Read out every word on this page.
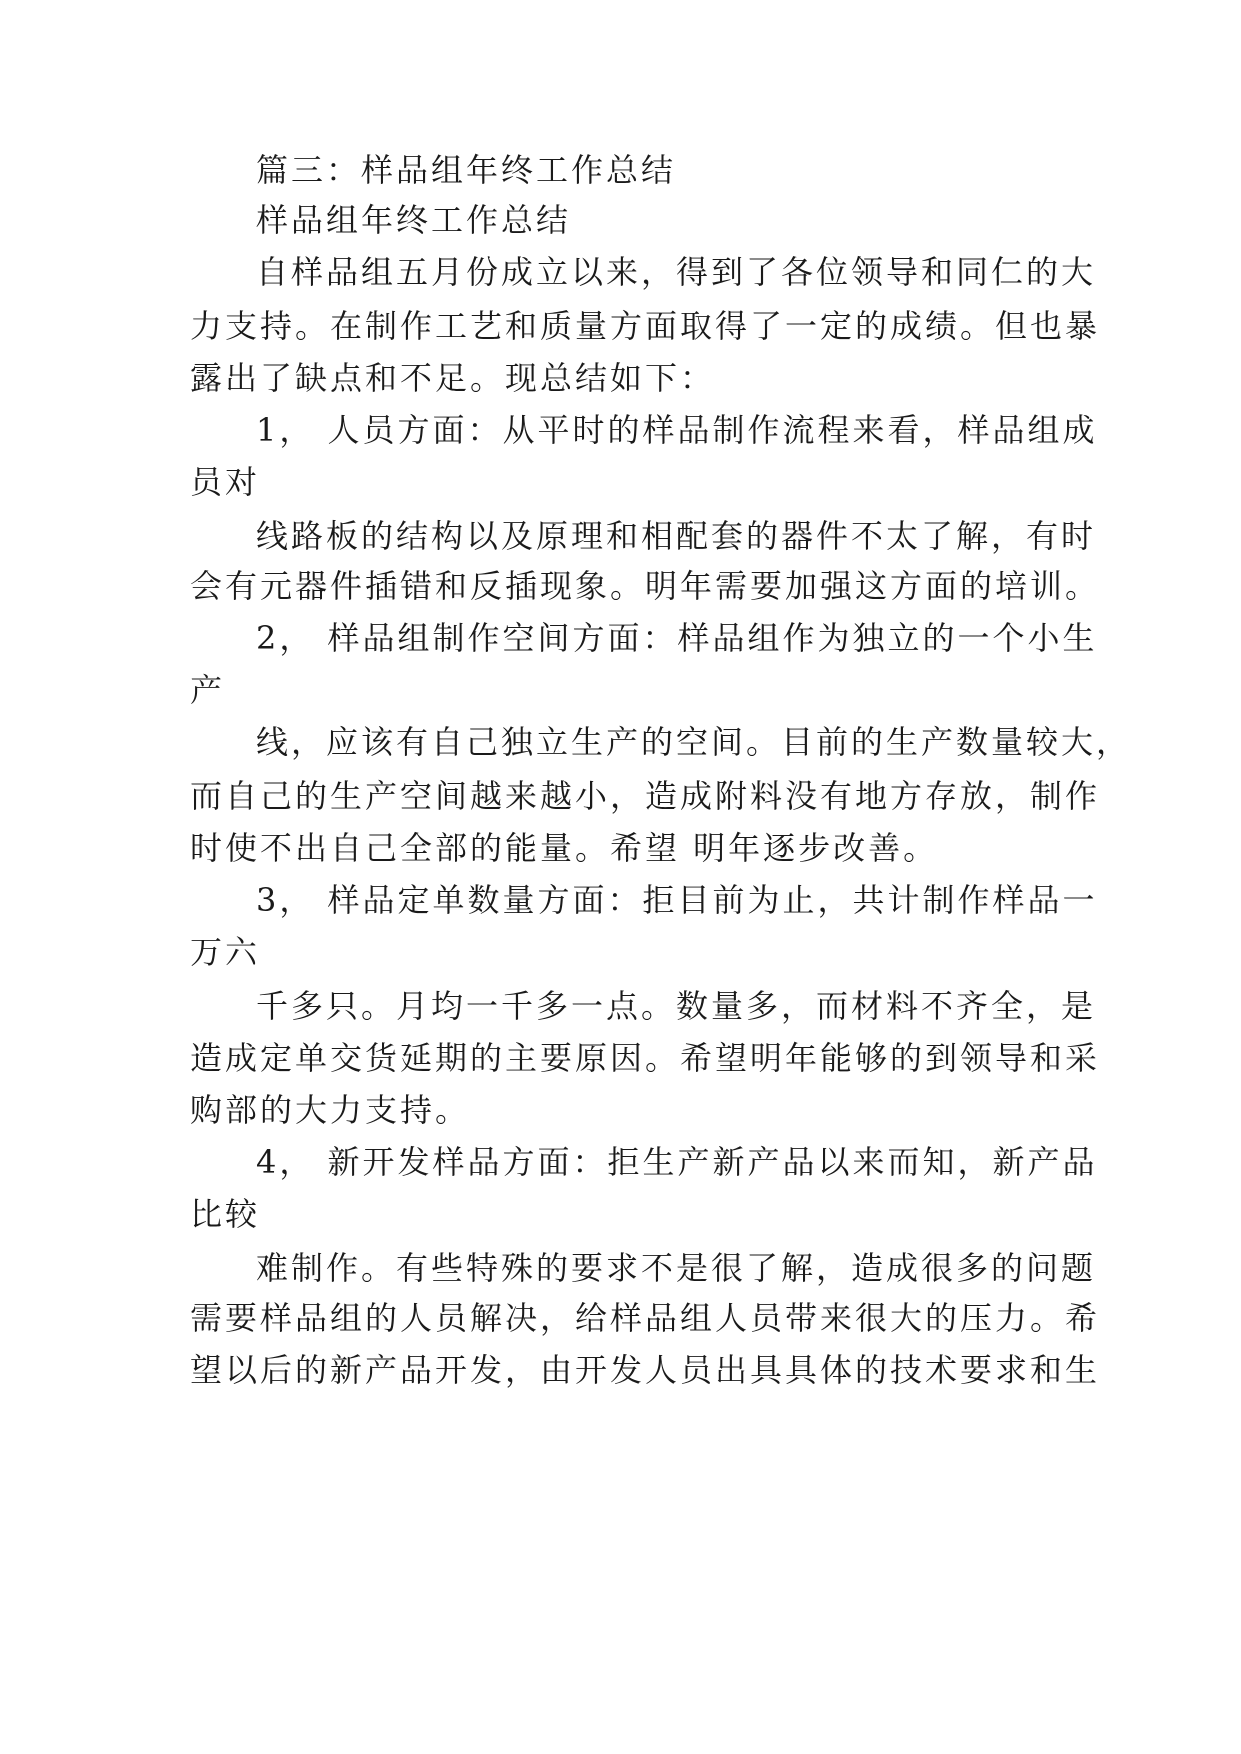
篇三：样品组年终工作总结
样品组年终工作总结
自样品组五月份成立以来，得到了各位领导和同仁的大
力支持。在制作工艺和质量方面取得了一定的成绩。但也暴
露出了缺点和不足。现总结如下：
1， 人员方面：从平时的样品制作流程来看，样品组成
员对
线路板的结构以及原理和相配套的器件不太了解，有时
会有元器件插错和反插现象。明年需要加强这方面的培训。
2， 样品组制作空间方面：样品组作为独立的一个小生
产
线，应该有自己独立生产的空间。目前的生产数量较大，
而自己的生产空间越来越小，造成附料没有地方存放，制作
时使不出自己全部的能量。希望 明年逐步改善。
3， 样品定单数量方面：拒目前为止，共计制作样品一
万六
千多只。月均一千多一点。数量多，而材料不齐全，是
造成定单交货延期的主要原因。希望明年能够的到领导和采
购部的大力支持。
4， 新开发样品方面：拒生产新产品以来而知，新产品
比较
难制作。有些特殊的要求不是很了解，造成很多的问题
需要样品组的人员解决，给样品组人员带来很大的压力。希
望以后的新产品开发，由开发人员出具具体的技术要求和生
